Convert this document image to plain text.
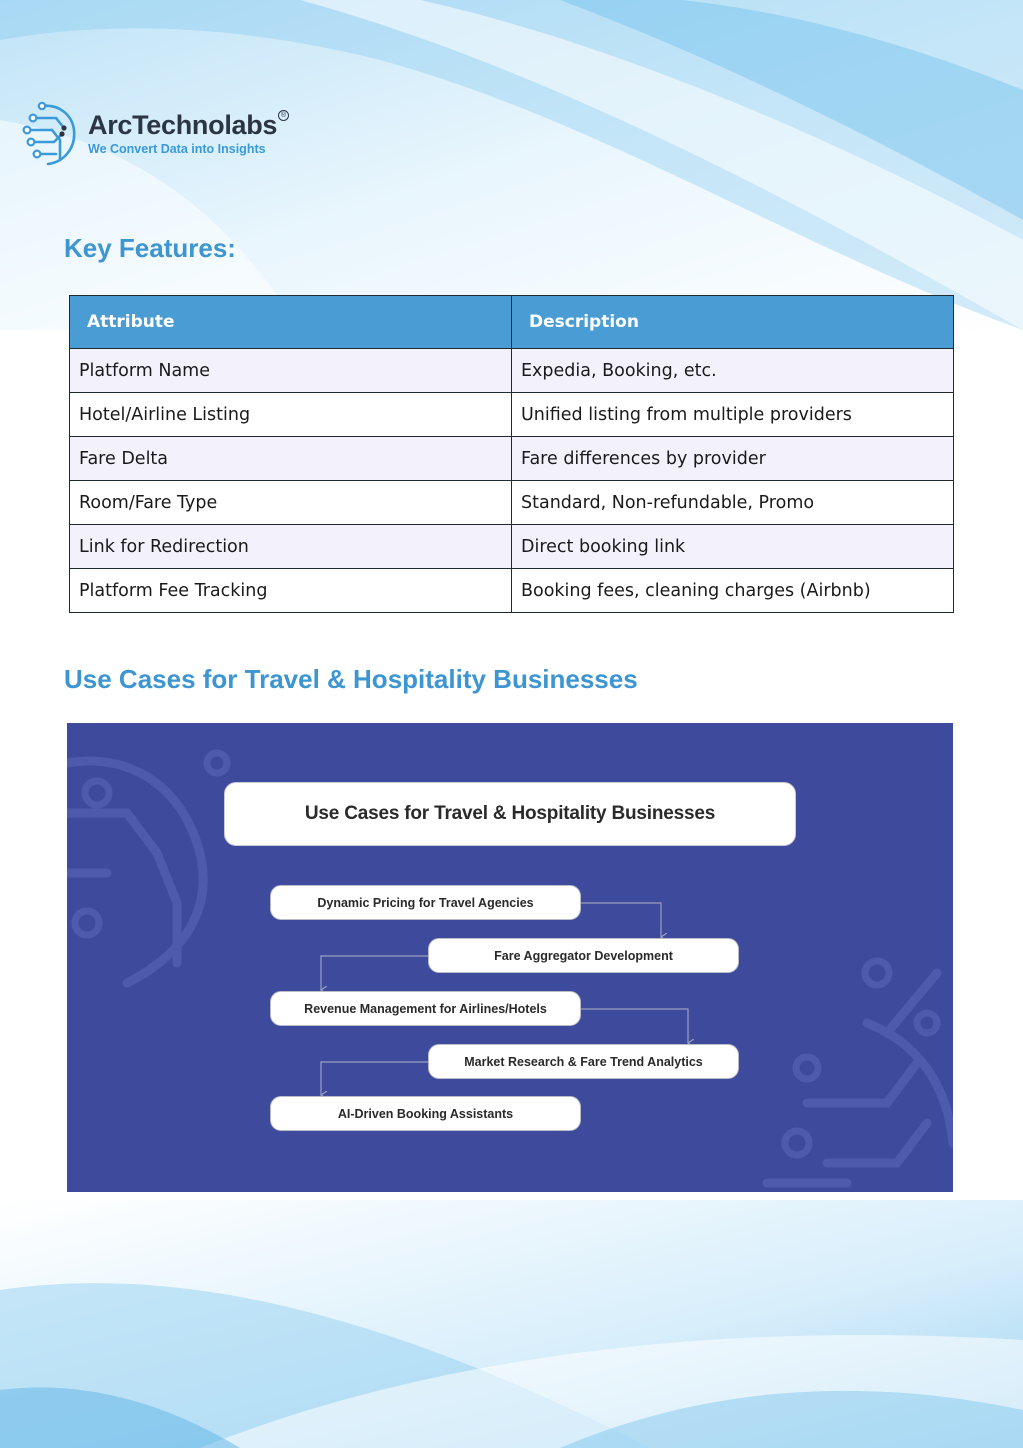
ArcTechnolabs ®
We Convert Data into Insights
Key Features:
Attribute	Description
Platform Name	Expedia, Booking, etc.
Hotel/Airline Listing	Unified listing from multiple providers
Fare Delta	Fare differences by provider
Room/Fare Type	Standard, Non-refundable, Promo
Link for Redirection	Direct booking link
Platform Fee Tracking	Booking fees, cleaning charges (Airbnb)
Use Cases for Travel & Hospitality Businesses
Use Cases for Travel & Hospitality Businesses
Dynamic Pricing for Travel Agencies
Fare Aggregator Development
Revenue Management for Airlines/Hotels
Market Research & Fare Trend Analytics
AI-Driven Booking Assistants
